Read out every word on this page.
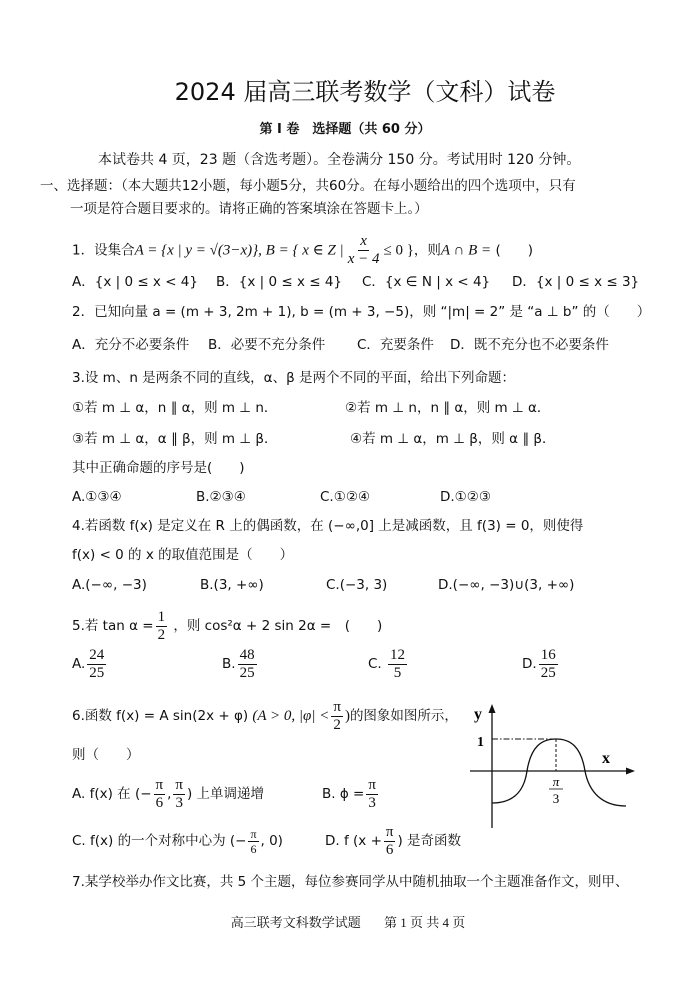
2024 届高三联考数学（文科）试卷
第 I 卷　选择题（共 60 分）
本试卷共 4 页，23 题（含选考题）。全卷满分 150 分。考试用时 120 分钟。
一、选择题：（本大题共12小题，每小题5分，共60分。在每小题给出的四个选项中，只有
一项是符合题目要求的。请将正确的答案填涂在答题卡上。）
1．设集合A = {x | y = √(3−x)}, B = { x ∈ Z | $\frac{x}{x - 4} \le 0$ }，则A ∩ B = (　　)
A．{x | 0 ≤ x < 4} B．{x | 0 ≤ x ≤ 4} C．{x ∈ N | x < 4} D．{x | 0 ≤ x ≤ 3}
2．已知向量 a = (m + 3, 2m + 1), b = (m + 3, −5)，则 “|m| = 2” 是 “a ⊥ b” 的（　　）
A．充分不必要条件 B．必要不充分条件 C．充要条件 D．既不充分也不必要条件
3.设 m、n 是两条不同的直线，α、β 是两个不同的平面，给出下列命题：
①若 m ⊥ α，n ∥ α，则 m ⊥ n．	②若 m ⊥ n，n ∥ α，则 m ⊥ α．
③若 m ⊥ α，α ∥ β，则 m ⊥ β．	④若 m ⊥ α，m ⊥ β，则 α ∥ β．
其中正确命题的序号是(　　)
A.①③④	B.②③④	C.①②④	D.①②③
4.若函数 f(x) 是定义在 R 上的偶函数，在 (−∞,0] 上是减函数，且 f(3) = 0，则使得
f(x) < 0 的 x 的取值范围是（　　）
A.(−∞, −3)	B.(3, +∞)	C.(−3, 3)	D.(−∞, −3)∪(3, +∞)
5.若 $\tan \alpha = \frac{1}{2}$ ，则 cos²α + 2 sin 2α =　(　　)
A. $\frac{24}{25}$	B. $\frac{48}{25}$	C. $\frac{12}{5}$	D. $\frac{16}{25}$
6.函数 f(x) = A sin(2x + φ) (A > 0, $|\varphi| < \frac{\pi}{2}$ )的图象如图所示，
则（　　）
A. f(x) 在 (− $\frac{\pi}{6}$ , $\frac{\pi}{3}$ ) 上单调递增	B. $\phi = \frac{\pi}{3}$
C. f(x) 的一个对称中心为 (− $\frac{\pi}{6}$ , 0)	D. f ($x + \frac{\pi}{6}$ ) 是奇函数
y
1
x
π
3
7.某学校举办作文比赛，共 5 个主题，每位参赛同学从中随机抽取一个主题准备作文，则甲、
高三联考文科数学试题 第 1 页 共 4 页
